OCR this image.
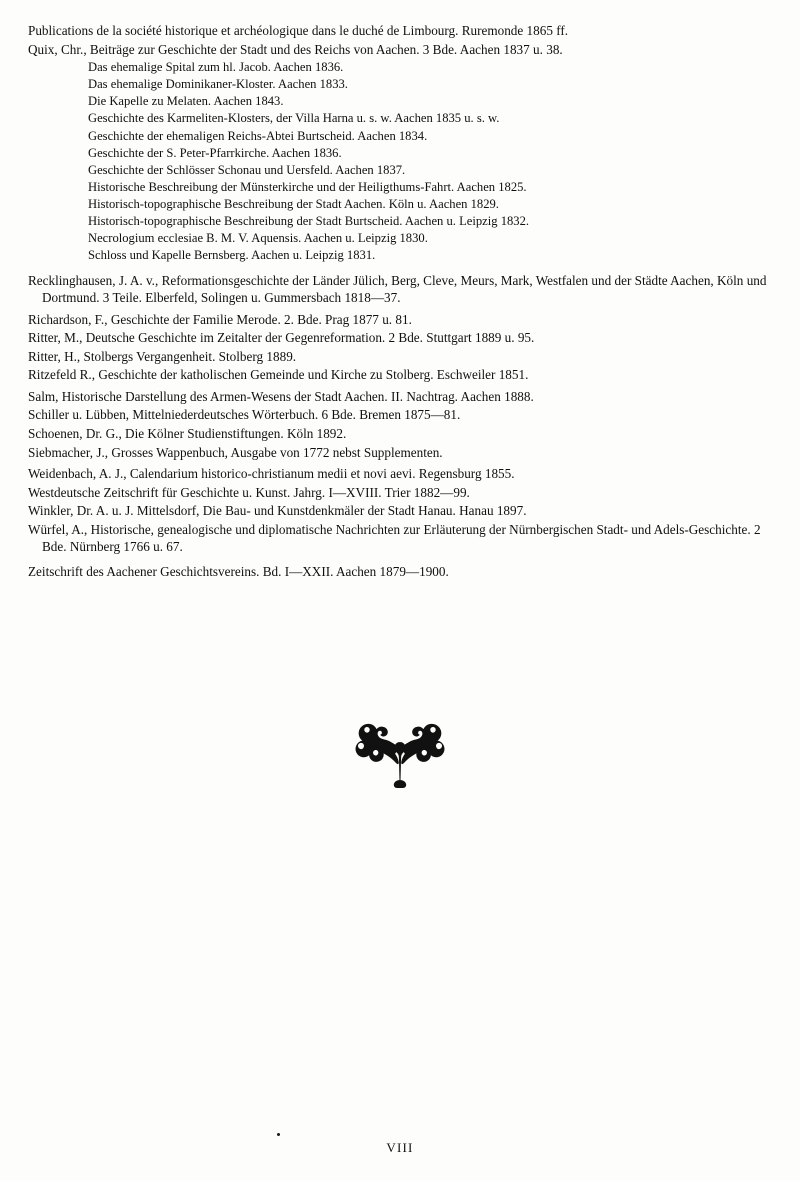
Publications de la société historique et archéologique dans le duché de Limbourg. Ruremonde 1865 ff.

Quix, Chr., Beiträge zur Geschichte der Stadt und des Reichs von Aachen. 3 Bde. Aachen 1837 u. 38.

Das ehemalige Spital zum hl. Jacob. Aachen 1836.

Das ehemalige Dominikaner-Kloster. Aachen 1833.

Die Kapelle zu Melaten. Aachen 1843.

Geschichte des Karmeliten-Klosters, der Villa Harna u. s. w. Aachen 1835 u. s. w.

Geschichte der ehemaligen Reichs-Abtei Burtscheid. Aachen 1834.

Geschichte der S. Peter-Pfarrkirche. Aachen 1836.

Geschichte der Schlösser Schonau und Uersfeld. Aachen 1837.

Historische Beschreibung der Münsterkirche und der Heiligthums-Fahrt. Aachen 1825.

Historisch-topographische Beschreibung der Stadt Aachen. Köln u. Aachen 1829.

Historisch-topographische Beschreibung der Stadt Burtscheid. Aachen u. Leipzig 1832.

Necrologium ecclesiae B. M. V. Aquensis. Aachen u. Leipzig 1830.

Schloss und Kapelle Bernsberg. Aachen u. Leipzig 1831.

Recklinghausen, J. A. v., Reformationsgeschichte der Länder Jülich, Berg, Cleve, Meurs, Mark, Westfalen und der Städte Aachen, Köln und Dortmund. 3 Teile. Elberfeld, Solingen u. Gummersbach 1818—37.

Richardson, F., Geschichte der Familie Merode. 2. Bde. Prag 1877 u. 81.

Ritter, M., Deutsche Geschichte im Zeitalter der Gegenreformation. 2 Bde. Stuttgart 1889 u. 95.

Ritter, H., Stolbergs Vergangenheit. Stolberg 1889.

Ritzefeld R., Geschichte der katholischen Gemeinde und Kirche zu Stolberg. Eschweiler 1851.

Salm, Historische Darstellung des Armen-Wesens der Stadt Aachen. II. Nachtrag. Aachen 1888.

Schiller u. Lübben, Mittelniederdeutsches Wörterbuch. 6 Bde. Bremen 1875—81.

Schoenen, Dr. G., Die Kölner Studienstiftungen. Köln 1892.

Siebmacher, J., Grosses Wappenbuch, Ausgabe von 1772 nebst Supplementen.

Weidenbach, A. J., Calendarium historico-christianum medii et novi aevi. Regensburg 1855.

Westdeutsche Zeitschrift für Geschichte u. Kunst. Jahrg. I—XVIII. Trier 1882—99.

Winkler, Dr. A. u. J. Mittelsdorf, Die Bau- und Kunstdenkmäler der Stadt Hanau. Hanau 1897.

Würfel, A., Historische, genealogische und diplomatische Nachrichten zur Erläuterung der Nürnbergischen Stadt- und Adels-Geschichte. 2 Bde. Nürnberg 1766 u. 67.

Zeitschrift des Aachener Geschichtsvereins. Bd. I—XXII. Aachen 1879—1900.

VIII
